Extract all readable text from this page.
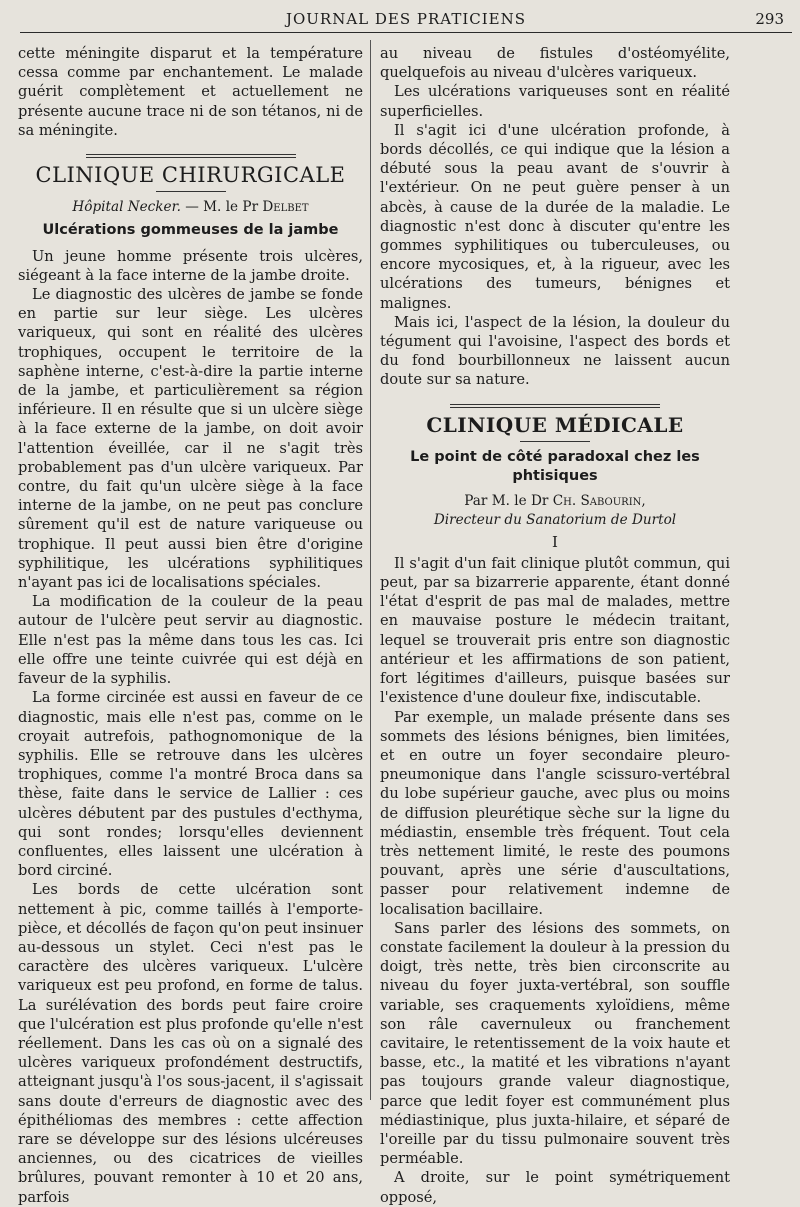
JOURNAL DES PRATICIENS	293

cette méningite disparut et la température cessa comme par enchantement. Le malade guérit complètement et actuellement ne présente aucune trace ni de son tétanos, ni de sa méningite.

CLINIQUE CHIRURGICALE
Hôpital Necker. — M. le Pr Delbet
Ulcérations gommeuses de la jambe

Un jeune homme présente trois ulcères, siégeant à la face interne de la jambe droite.

Le diagnostic des ulcères de jambe se fonde en partie sur leur siège. Les ulcères variqueux, qui sont en réalité des ulcères trophiques, occupent le territoire de la saphène interne, c'est-à-dire la partie interne de la jambe, et particulièrement sa région inférieure. Il en résulte que si un ulcère siège à la face externe de la jambe, on doit avoir l'attention éveillée, car il ne s'agit très probablement pas d'un ulcère variqueux. Par contre, du fait qu'un ulcère siège à la face interne de la jambe, on ne peut pas conclure sûrement qu'il est de nature variqueuse ou trophique. Il peut aussi bien être d'origine syphilitique, les ulcérations syphilitiques n'ayant pas ici de localisations spéciales.

La modification de la couleur de la peau autour de l'ulcère peut servir au diagnostic. Elle n'est pas la même dans tous les cas. Ici elle offre une teinte cuivrée qui est déjà en faveur de la syphilis.

La forme circinée est aussi en faveur de ce diagnostic, mais elle n'est pas, comme on le croyait autrefois, pathognomonique de la syphilis. Elle se retrouve dans les ulcères trophiques, comme l'a montré Broca dans sa thèse, faite dans le service de Lallier : ces ulcères débutent par des pustules d'ecthyma, qui sont rondes; lorsqu'elles deviennent confluentes, elles laissent une ulcération à bord circiné.

Les bords de cette ulcération sont nettement à pic, comme taillés à l'emporte-pièce, et décollés de façon qu'on peut insinuer au-dessous un stylet. Ceci n'est pas le caractère des ulcères variqueux. L'ulcère variqueux est peu profond, en forme de talus. La surélévation des bords peut faire croire que l'ulcération est plus profonde qu'elle n'est réellement. Dans les cas où on a signalé des ulcères variqueux profondément destructifs, atteignant jusqu'à l'os sous-jacent, il s'agissait sans doute d'erreurs de diagnostic avec des épithéliomas des membres : cette affection rare se développe sur des lésions ulcéreuses anciennes, ou des cicatrices de vieilles brûlures, pouvant remonter à 10 et 20 ans, parfois

au niveau de fistules d'ostéomyélite, quelquefois au niveau d'ulcères variqueux.

Les ulcérations variqueuses sont en réalité superficielles.

Il s'agit ici d'une ulcération profonde, à bords décollés, ce qui indique que la lésion a débuté sous la peau avant de s'ouvrir à l'extérieur. On ne peut guère penser à un abcès, à cause de la durée de la maladie. Le diagnostic n'est donc à discuter qu'entre les gommes syphilitiques ou tuberculeuses, ou encore mycosiques, et, à la rigueur, avec les ulcérations des tumeurs, bénignes et malignes.

Mais ici, l'aspect de la lésion, la douleur du tégument qui l'avoisine, l'aspect des bords et du fond bourbillonneux ne laissent aucun doute sur sa nature.

CLINIQUE MÉDICALE
Le point de côté paradoxal chez les phtisiques
Par M. le Dr Ch. Sabourin,
Directeur du Sanatorium de Durtol
I

Il s'agit d'un fait clinique plutôt commun, qui peut, par sa bizarrerie apparente, étant donné l'état d'esprit de pas mal de malades, mettre en mauvaise posture le médecin traitant, lequel se trouverait pris entre son diagnostic antérieur et les affirmations de son patient, fort légitimes d'ailleurs, puisque basées sur l'existence d'une douleur fixe, indiscutable.

Par exemple, un malade présente dans ses sommets des lésions bénignes, bien limitées, et en outre un foyer secondaire pleuro-pneumonique dans l'angle scissuro-vertébral du lobe supérieur gauche, avec plus ou moins de diffusion pleurétique sèche sur la ligne du médiastin, ensemble très fréquent. Tout cela très nettement limité, le reste des poumons pouvant, après une série d'auscultations, passer pour relativement indemne de localisation bacillaire.

Sans parler des lésions des sommets, on constate facilement la douleur à la pression du doigt, très nette, très bien circonscrite au niveau du foyer juxta-vertébral, son souffle variable, ses craquements xyloïdiens, même son râle cavernuleux ou franchement cavitaire, le retentissement de la voix haute et basse, etc., la matité et les vibrations n'ayant pas toujours grande valeur diagnostique, parce que ledit foyer est communément plus médiastinique, plus juxta-hilaire, et séparé de l'oreille par du tissu pulmonaire souvent très perméable.

A droite, sur le point symétriquement opposé,
